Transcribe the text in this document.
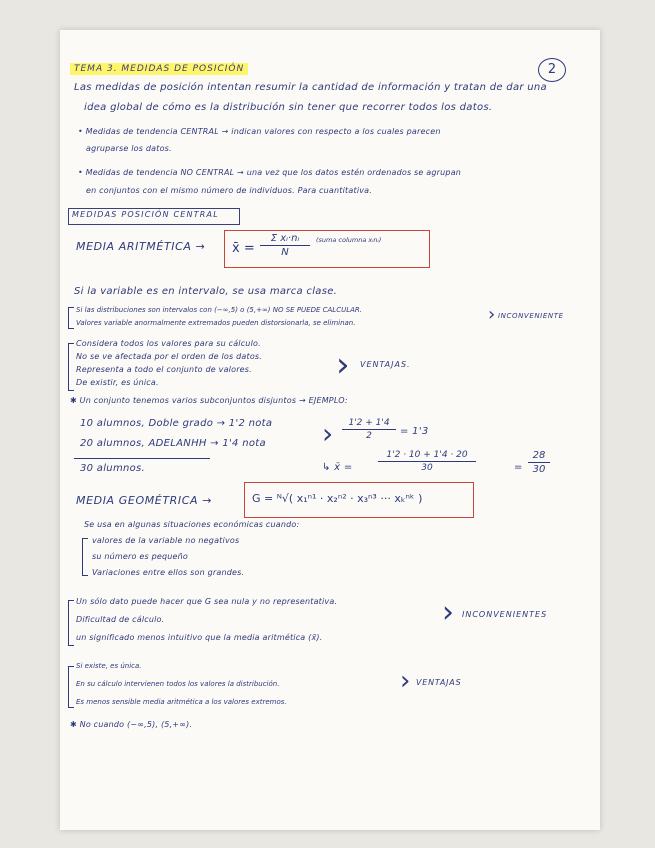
2
TEMA 3. MEDIDAS DE POSICIÓN
Las medidas de posición intentan resumir la cantidad de información y tratan de dar una
idea global de cómo es la distribución sin tener que recorrer todos los datos.
• Medidas de tendencia CENTRAL → indican valores con respecto a los cuales parecen
agruparse los datos.
• Medidas de tendencia NO CENTRAL → una vez que los datos estén ordenados se agrupan
en conjuntos con el mismo número de individuos. Para cuantitativa.
MEDIDAS POSICIÓN CENTRAL
MEDIA ARITMÉTICA → x̄ =
Σ xᵢ·nᵢ
N
(suma columna xᵢnᵢ)
Si la variable es en intervalo, se usa marca clase.
Si las distribuciones son intervalos con (−∞,5) o (5,+∞) NO SE PUEDE CALCULAR.
Valores variable anormalmente extremados pueden distorsionarla, se eliminan.	› INCONVENIENTE
Considera todos los valores para su cálculo.
No se ve afectada por el orden de los datos.
Representa a todo el conjunto de valores.
De existir, es única.	› VENTAJAS.
✱ Un conjunto tenemos varios subconjuntos disjuntos → EJEMPLO:
10 alumnos, Doble grado → 1'2 nota
20 alumnos, ADELANHH → 1'4 nota
30 alumnos.
›	1'2 + 1'4
2	= 1'3
↳ x̄ =
1'2 · 10 + 1'4 · 20
30	=
28
30
MEDIA GEOMÉTRICA →	G = ᴺ√( x₁ⁿ¹ · x₂ⁿ² · x₃ⁿ³ ··· xₖⁿᵏ )
Se usa en algunas situaciones económicas cuando:
valores de la variable no negativos
su número es pequeño
Variaciones entre ellos son grandes.
Un sólo dato puede hacer que G sea nula y no representativa.
Dificultad de cálculo.
un significado menos intuitivo que la media aritmética (x̄).
› INCONVENIENTES
Si existe, es única.
En su cálculo intervienen todos los valores la distribución.
Es menos sensible media aritmética a los valores extremos.
› VENTAJAS
✱ No cuando (−∞,5), (5,+∞).
